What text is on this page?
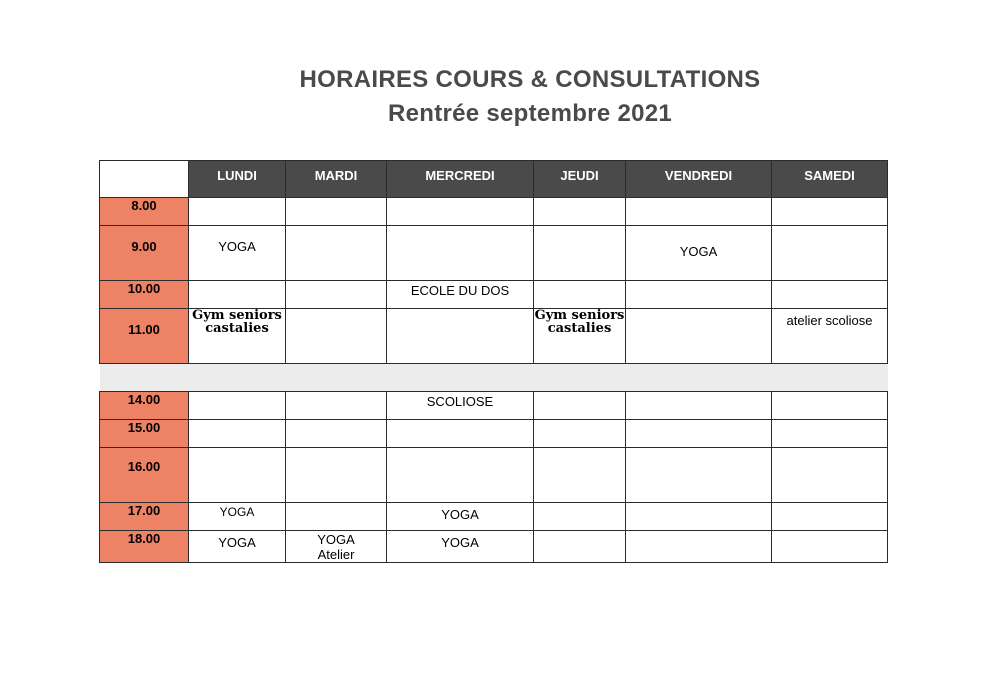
HORAIRES COURS & CONSULTATIONS
Rentrée septembre 2021
	LUNDI	MARDI	MERCREDI	JEUDI	VENDREDI	SAMEDI
8.00						
9.00	YOGA				YOGA	
10.00			ECOLE DU DOS			
11.00	Gym seniors castalies			Gym seniors castalies		atelier scoliose

14.00			SCOLIOSE			
15.00						
16.00						
17.00	YOGA		YOGA			
18.00	YOGA	YOGA Atelier	YOGA			
